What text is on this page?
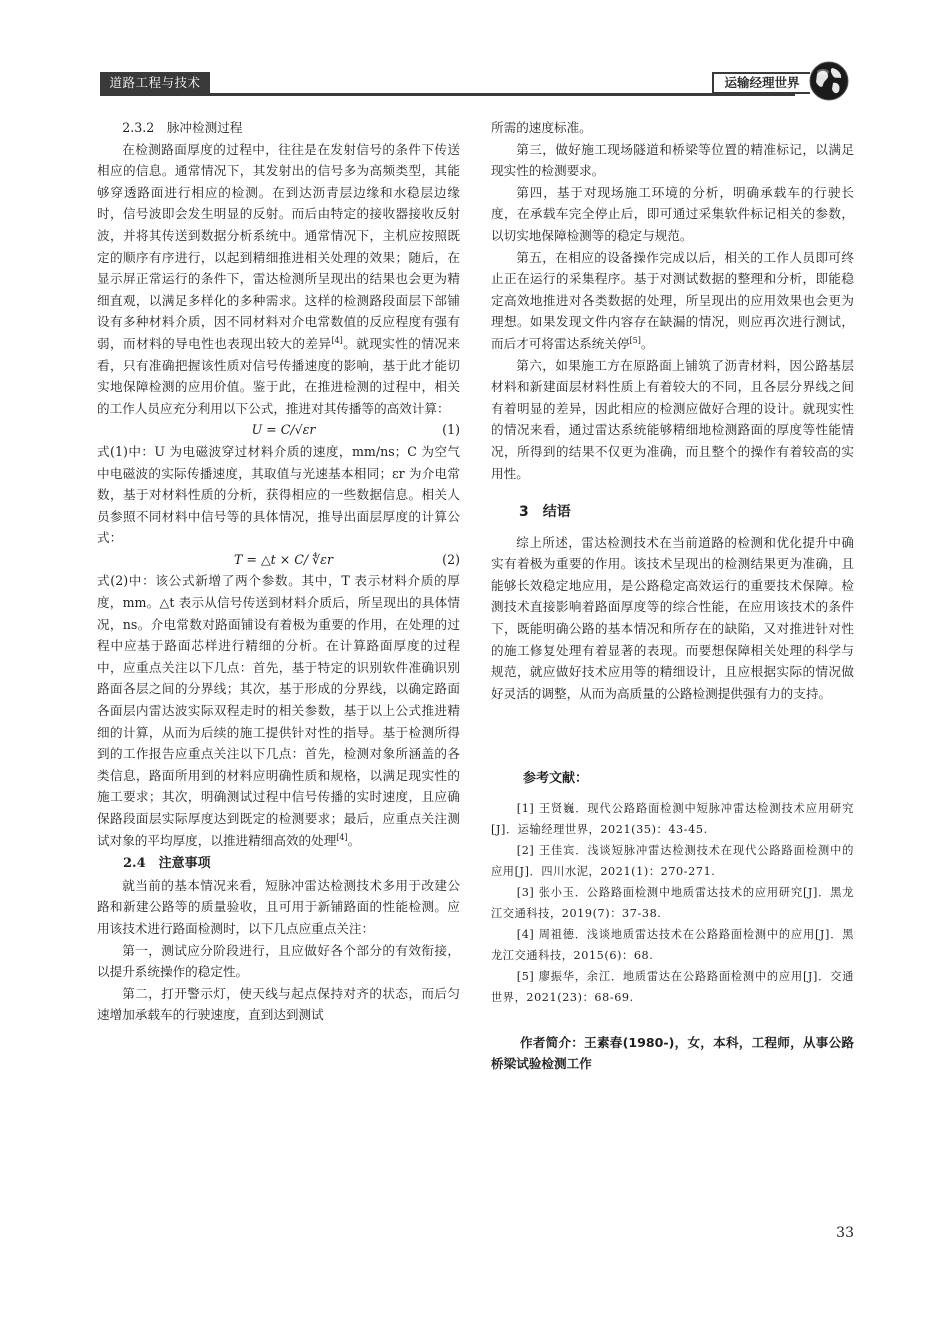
道路工程与技术	运输经理世界

2.3.2　脉冲检测过程

在检测路面厚度的过程中，往往是在发射信号的条件下传送相应的信息。通常情况下，其发射出的信号多为高频类型，其能够穿透路面进行相应的检测。在到达沥青层边缘和水稳层边缘时，信号波即会发生明显的反射。而后由特定的接收器接收反射波，并将其传送到数据分析系统中。通常情况下，主机应按照既定的顺序有序进行，以起到精细推进相关处理的效果；随后，在显示屏正常运行的条件下，雷达检测所呈现出的结果也会更为精细直观，以满足多样化的多种需求。这样的检测路段面层下部铺设有多种材料介质，因不同材料对介电常数值的反应程度有强有弱，而材料的导电性也表现出较大的差异[4]。就现实性的情况来看，只有准确把握该性质对信号传播速度的影响，基于此才能切实地保障检测的应用价值。鉴于此，在推进检测的过程中，相关的工作人员应充分利用以下公式，推进对其传播等的高效计算：

U = C/√εr	(1)

式(1)中：U 为电磁波穿过材料介质的速度，mm/ns；C 为空气中电磁波的实际传播速度，其取值与光速基本相同；εr 为介电常数，基于对材料性质的分析，获得相应的一些数据信息。相关人员参照不同材料中信号等的具体情况，推导出面层厚度的计算公式：

T = △t × C/ ∜εr	(2)

式(2)中：该公式新增了两个参数。其中，T 表示材料介质的厚度，mm。△t 表示从信号传送到材料介质后，所呈现出的具体情况，ns。介电常数对路面铺设有着极为重要的作用，在处理的过程中应基于路面芯样进行精细的分析。在计算路面厚度的过程中，应重点关注以下几点：首先，基于特定的识别软件准确识别路面各层之间的分界线；其次，基于形成的分界线，以确定路面各面层内雷达波实际双程走时的相关参数，基于以上公式推进精细的计算，从而为后续的施工提供针对性的指导。基于检测所得到的工作报告应重点关注以下几点：首先，检测对象所涵盖的各类信息，路面所用到的材料应明确性质和规格，以满足现实性的施工要求；其次，明确测试过程中信号传播的实时速度，且应确保路段面层实际厚度达到既定的检测要求；最后，应重点关注测试对象的平均厚度，以推进精细高效的处理[4]。

2.4　注意事项

就当前的基本情况来看，短脉冲雷达检测技术多用于改建公路和新建公路等的质量验收，且可用于新铺路面的性能检测。应用该技术进行路面检测时，以下几点应重点关注：

第一，测试应分阶段进行，且应做好各个部分的有效衔接，以提升系统操作的稳定性。

第二，打开警示灯，使天线与起点保持对齐的状态，而后匀速增加承载车的行驶速度，直到达到测试

所需的速度标准。

第三，做好施工现场隧道和桥梁等位置的精准标记，以满足现实性的检测要求。

第四，基于对现场施工环境的分析，明确承载车的行驶长度，在承载车完全停止后，即可通过采集软件标记相关的参数，以切实地保障检测等的稳定与规范。

第五，在相应的设备操作完成以后，相关的工作人员即可终止正在运行的采集程序。基于对测试数据的整理和分析，即能稳定高效地推进对各类数据的处理，所呈现出的应用效果也会更为理想。如果发现文件内容存在缺漏的情况，则应再次进行测试，而后才可将雷达系统关停[5]。

第六，如果施工方在原路面上铺筑了沥青材料，因公路基层材料和新建面层材料性质上有着较大的不同，且各层分界线之间有着明显的差异，因此相应的检测应做好合理的设计。就现实性的情况来看，通过雷达系统能够精细地检测路面的厚度等性能情况，所得到的结果不仅更为准确，而且整个的操作有着较高的实用性。

3　结语

综上所述，雷达检测技术在当前道路的检测和优化提升中确实有着极为重要的作用。该技术呈现出的检测结果更为准确，且能够长效稳定地应用，是公路稳定高效运行的重要技术保障。检测技术直接影响着路面厚度等的综合性能，在应用该技术的条件下，既能明确公路的基本情况和所存在的缺陷，又对推进针对性的施工修复处理有着显著的表现。而要想保障相关处理的科学与规范，就应做好技术应用等的精细设计，且应根据实际的情况做好灵活的调整，从而为高质量的公路检测提供强有力的支持。

参考文献：

[1] 王贤巍．现代公路路面检测中短脉冲雷达检测技术应用研究[J]．运输经理世界，2021(35)：43-45.

[2] 王佳宾．浅谈短脉冲雷达检测技术在现代公路路面检测中的应用[J]．四川水泥，2021(1)：270-271.

[3] 张小玉．公路路面检测中地质雷达技术的应用研究[J]．黑龙江交通科技，2019(7)：37-38.

[4] 周祖德．浅谈地质雷达技术在公路路面检测中的应用[J]．黑龙江交通科技，2015(6)：68.

[5] 廖振华，余江．地质雷达在公路路面检测中的应用[J]．交通世界，2021(23)：68-69.

作者简介：王素春(1980-)，女，本科，工程师，从事公路桥梁试验检测工作

33
